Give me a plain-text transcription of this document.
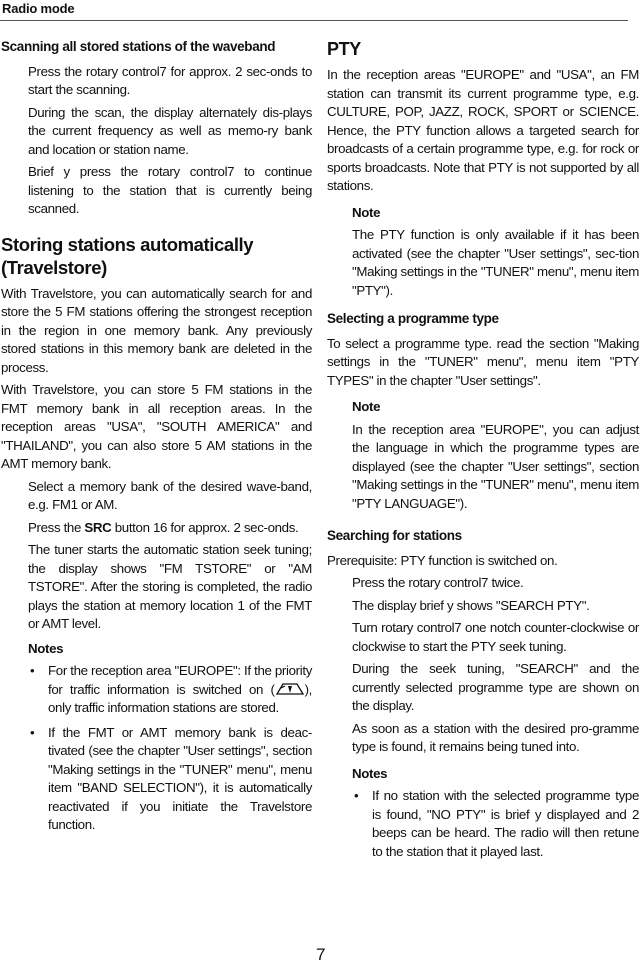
Radio mode
Scanning all stored stations of the waveband

Press the rotary control7 for approx. 2 sec-onds to start the scanning.

During the scan, the display alternately dis-plays the current frequency as well as memo-ry bank and location or station name.

Brief y press the rotary control7 to continue listening to the station that is currently being scanned.

Storing stations automatically (Travelstore)

With Travelstore, you can automatically search for and store the 5 FM stations offering the strongest reception in the region in one memory bank. Any previously stored stations in this memory bank are deleted in the process.

With Travelstore, you can store 5 FM stations in the FMT memory bank in all reception areas. In the reception areas "USA", "SOUTH AMERICA" and "THAILAND", you can also store 5 AM stations in the AMT memory bank.

Select a memory bank of the desired wave-band, e.g. FM1 or AM.

Press the SRC button 16 for approx. 2 sec-onds.

The tuner starts the automatic station seek tuning; the display shows "FM TSTORE" or "AM TSTORE". After the storing is completed, the radio plays the station at memory location 1 of the FMT or AMT level.

Notes

• For the reception area "EUROPE": If the priority for traffic information is switched on ( ), only traffic information stations are stored.
• If the FMT or AMT memory bank is deac-tivated (see the chapter "User settings", section "Making settings in the "TUNER" menu", menu item "BAND SELECTION"), it is automatically reactivated if you initiate the Travelstore function.
PTY

In the reception areas "EUROPE" and "USA", an FM station can transmit its current programme type, e.g. CULTURE, POP, JAZZ, ROCK, SPORT or SCIENCE. Hence, the PTY function allows a targeted search for broadcasts of a certain programme type, e.g. for rock or sports broadcasts. Note that PTY is not supported by all stations.

Note

The PTY function is only available if it has been activated (see the chapter "User settings", sec-tion "Making settings in the "TUNER" menu", menu item "PTY").

Selecting a programme type

To select a programme type. read the section "Making settings in the "TUNER" menu", menu item "PTY TYPES" in the chapter "User settings".

Note

In the reception area "EUROPE", you can adjust the language in which the programme types are displayed (see the chapter "User settings", section "Making settings in the "TUNER" menu", menu item "PTY LANGUAGE").

Searching for stations

Prerequisite: PTY function is switched on.

Press the rotary control7 twice.

The display brief y shows "SEARCH PTY".

Turn rotary control7 one notch counter-clockwise or clockwise to start the PTY seek tuning.

During the seek tuning, "SEARCH" and the currently selected programme type are shown on the display.

As soon as a station with the desired pro-gramme type is found, it remains being tuned into.

Notes

• If no station with the selected programme type is found, "NO PTY" is brief y displayed and 2 beeps can be heard. The radio will then retune to the station that it played last.
7
